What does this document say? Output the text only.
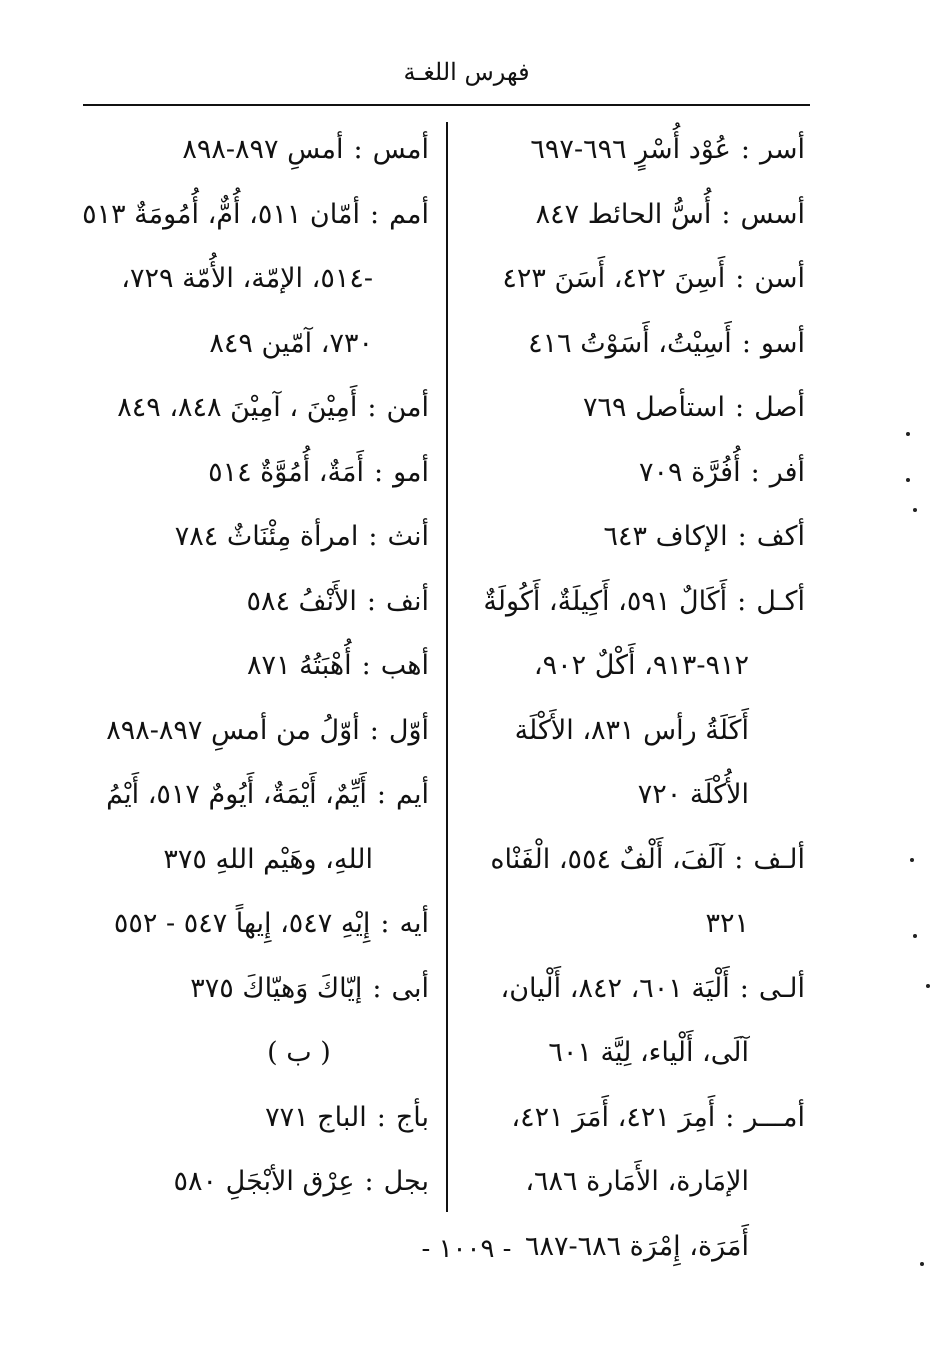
فهرس اللغـة
أسر:عُوْد أُسْرٍ ٦٩٦-٦٩٧
أسس:أُسُّ الحائط ٨٤٧
أسن:أَسِنَ ٤٢٢، أَسَنَ ٤٢٣
أسو:أَسِيْتُ، أَسَوْتُ ٤١٦
أصل:استأصل ٧٦٩
أفر:أُفُرَّة ٧٠٩
أكف:الإكاف ٦٤٣
أكـل:أَكَالٌ ٥٩١، أَكِيلَةٌ، أَكُولَةٌ
٩١٢-٩١٣، أَكْلٌ ٩٠٢،
أَكَلَةُ رأس ٨٣١، الأَكْلَة
الأُكْلَة ٧٢٠
ألـف:آلَفَ، أَلْفٌ ٥٥٤، الْفَنْاه
٣٢١
ألـى:أَلْيَة ٦٠١، ٨٤٢، أَلْيان،
آلَى، أَلْياء، لِيَّة ٦٠١
أمـــر:أَمِرَ ٤٢١، أَمَرَ ٤٢١،
الإمَارة، الأَمَارة ٦٨٦،
أَمَرَة، إِمْرَة ٦٨٦-٦٨٧
أمس:أمسِ ٨٩٧-٨٩٨
أمم:أمّان ٥١١، أُمٌّ، أُمُومَةٌ ٥١٣
-٥١٤، الإمّة، الأُمّة ٧٢٩،
٧٣٠، آمّين ٨٤٩
أمن:أَمِيْنَ ، آمِيْنَ ٨٤٨، ٨٤٩
أمو:أَمَةٌ، أُمُوَّةٌ ٥١٤
أنث:امرأة مِئْنَاثٌ ٧٨٤
أنف:الأَنْفُ ٥٨٤
أهب:أُهْبَتُهُ ٨٧١
أوّل:أوّلُ من أمسِ ٨٩٧-٨٩٨
أيم:أَيِّمٌ، أَيْمَةٌ، أَيُومٌ ٥١٧، أَيْمُ
اللهِ، وهَيْم اللهِ ٣٧٥
أيه:إِيْهِ ٥٤٧، إِيهاً ٥٤٧ - ٥٥٢
أبى:إيّاكَ وَهيّاكَ ٣٧٥
( ب )
بأج:الباج ٧٧١
بجل:عِرْق الأبْجَلِ ٥٨٠
- ١٠٠٩ -
